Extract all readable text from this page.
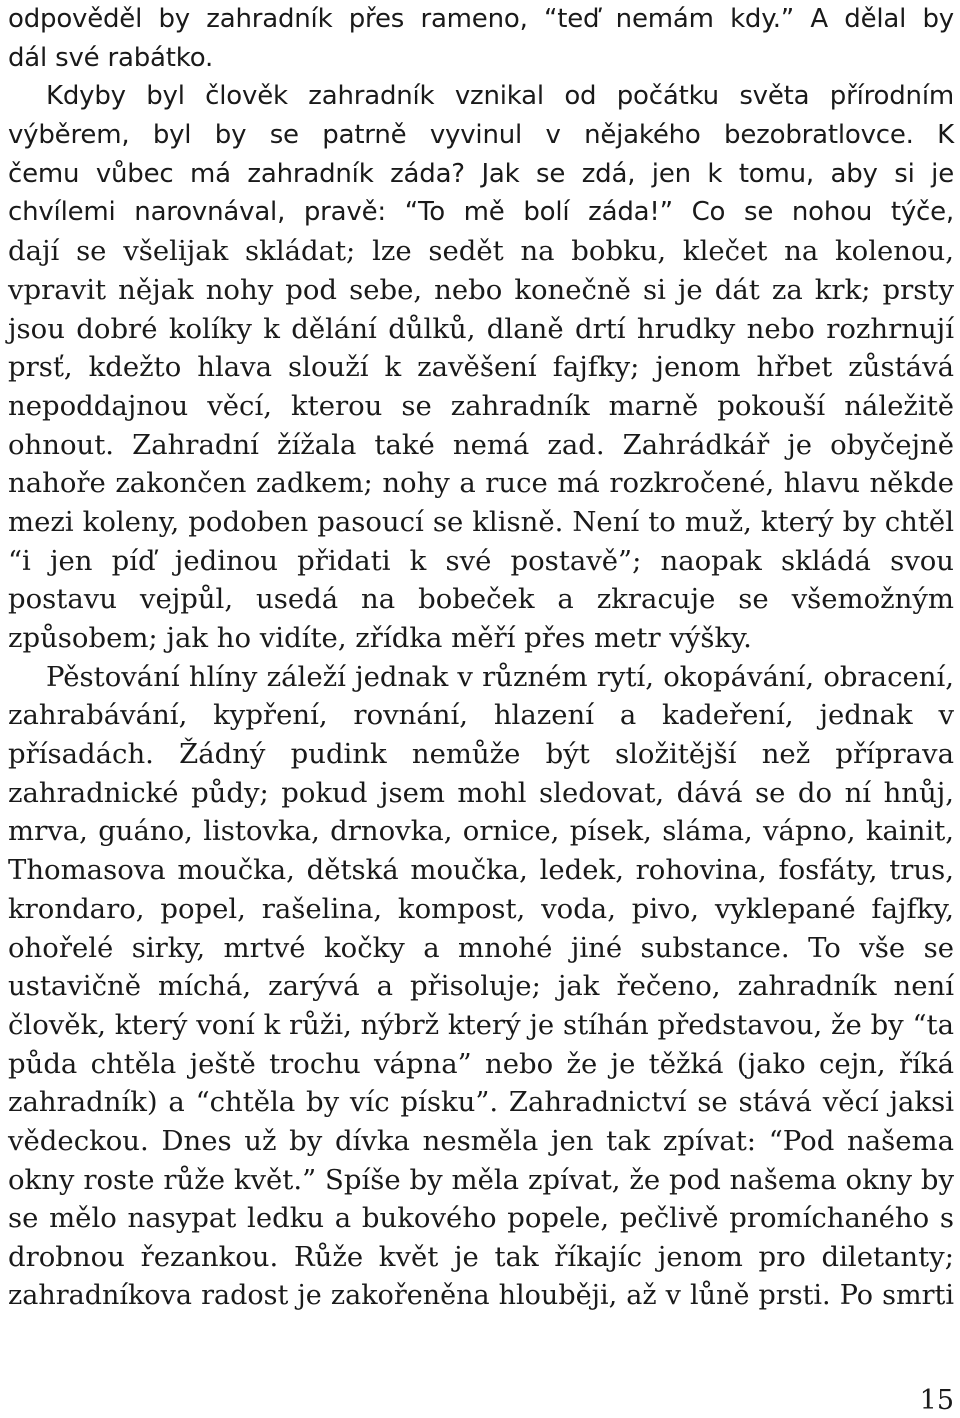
odpověděl by zahradník přes rameno, “teď nemám kdy.” A dělal by
dál své rabátko.
Kdyby byl člověk zahradník vznikal od počátku světa přírodním
výběrem, byl by se patrně vyvinul v nějakého bezobratlovce. K
čemu vůbec má zahradník záda? Jak se zdá, jen k tomu, aby si je
chvílemi narovnával, pravě: “To mě bolí záda!” Co se nohou týče,
dají se všelijak skládat; lze sedět na bobku, klečet na kolenou,
vpravit nějak nohy pod sebe, nebo konečně si je dát za krk; prsty
jsou dobré kolíky k dělání důlků, dlaně drtí hrudky nebo rozhrnují
prsť, kdežto hlava slouží k zavěšení fajfky; jenom hřbet zůstává
nepoddajnou věcí, kterou se zahradník marně pokouší náležitě
ohnout. Zahradní žížala také nemá zad. Zahrádkář je obyčejně
nahoře zakončen zadkem; nohy a ruce má rozkročené, hlavu někde
mezi koleny, podoben pasoucí se klisně. Není to muž, který by chtěl
“i jen píď jedinou přidati k své postavě”; naopak skládá svou
postavu vejpůl, usedá na bobeček a zkracuje se všemožným
způsobem; jak ho vidíte, zřídka měří přes metr výšky.
Pěstování hlíny záleží jednak v různém rytí, okopávání, obracení,
zahrabávání, kypření, rovnání, hlazení a kadeření, jednak v
přísadách. Žádný pudink nemůže být složitější než příprava
zahradnické půdy; pokud jsem mohl sledovat, dává se do ní hnůj,
mrva, guáno, listovka, drnovka, ornice, písek, sláma, vápno, kainit,
Thomasova moučka, dětská moučka, ledek, rohovina, fosfáty, trus,
krondaro, popel, rašelina, kompost, voda, pivo, vyklepané fajfky,
ohořelé sirky, mrtvé kočky a mnohé jiné substance. To vše se
ustavičně míchá, zarývá a přisoluje; jak řečeno, zahradník není
člověk, který voní k růži, nýbrž který je stíhán představou, že by “ta
půda chtěla ještě trochu vápna” nebo že je těžká (jako cejn, říká
zahradník) a “chtěla by víc písku”. Zahradnictví se stává věcí jaksi
vědeckou. Dnes už by dívka nesměla jen tak zpívat: “Pod našema
okny roste růže květ.” Spíše by měla zpívat, že pod našema okny by
se mělo nasypat ledku a bukového popele, pečlivě promíchaného s
drobnou řezankou. Růže květ je tak říkajíc jenom pro diletanty;
zahradníkova radost je zakořeněna hlouběji, až v lůně prsti. Po smrti
15
